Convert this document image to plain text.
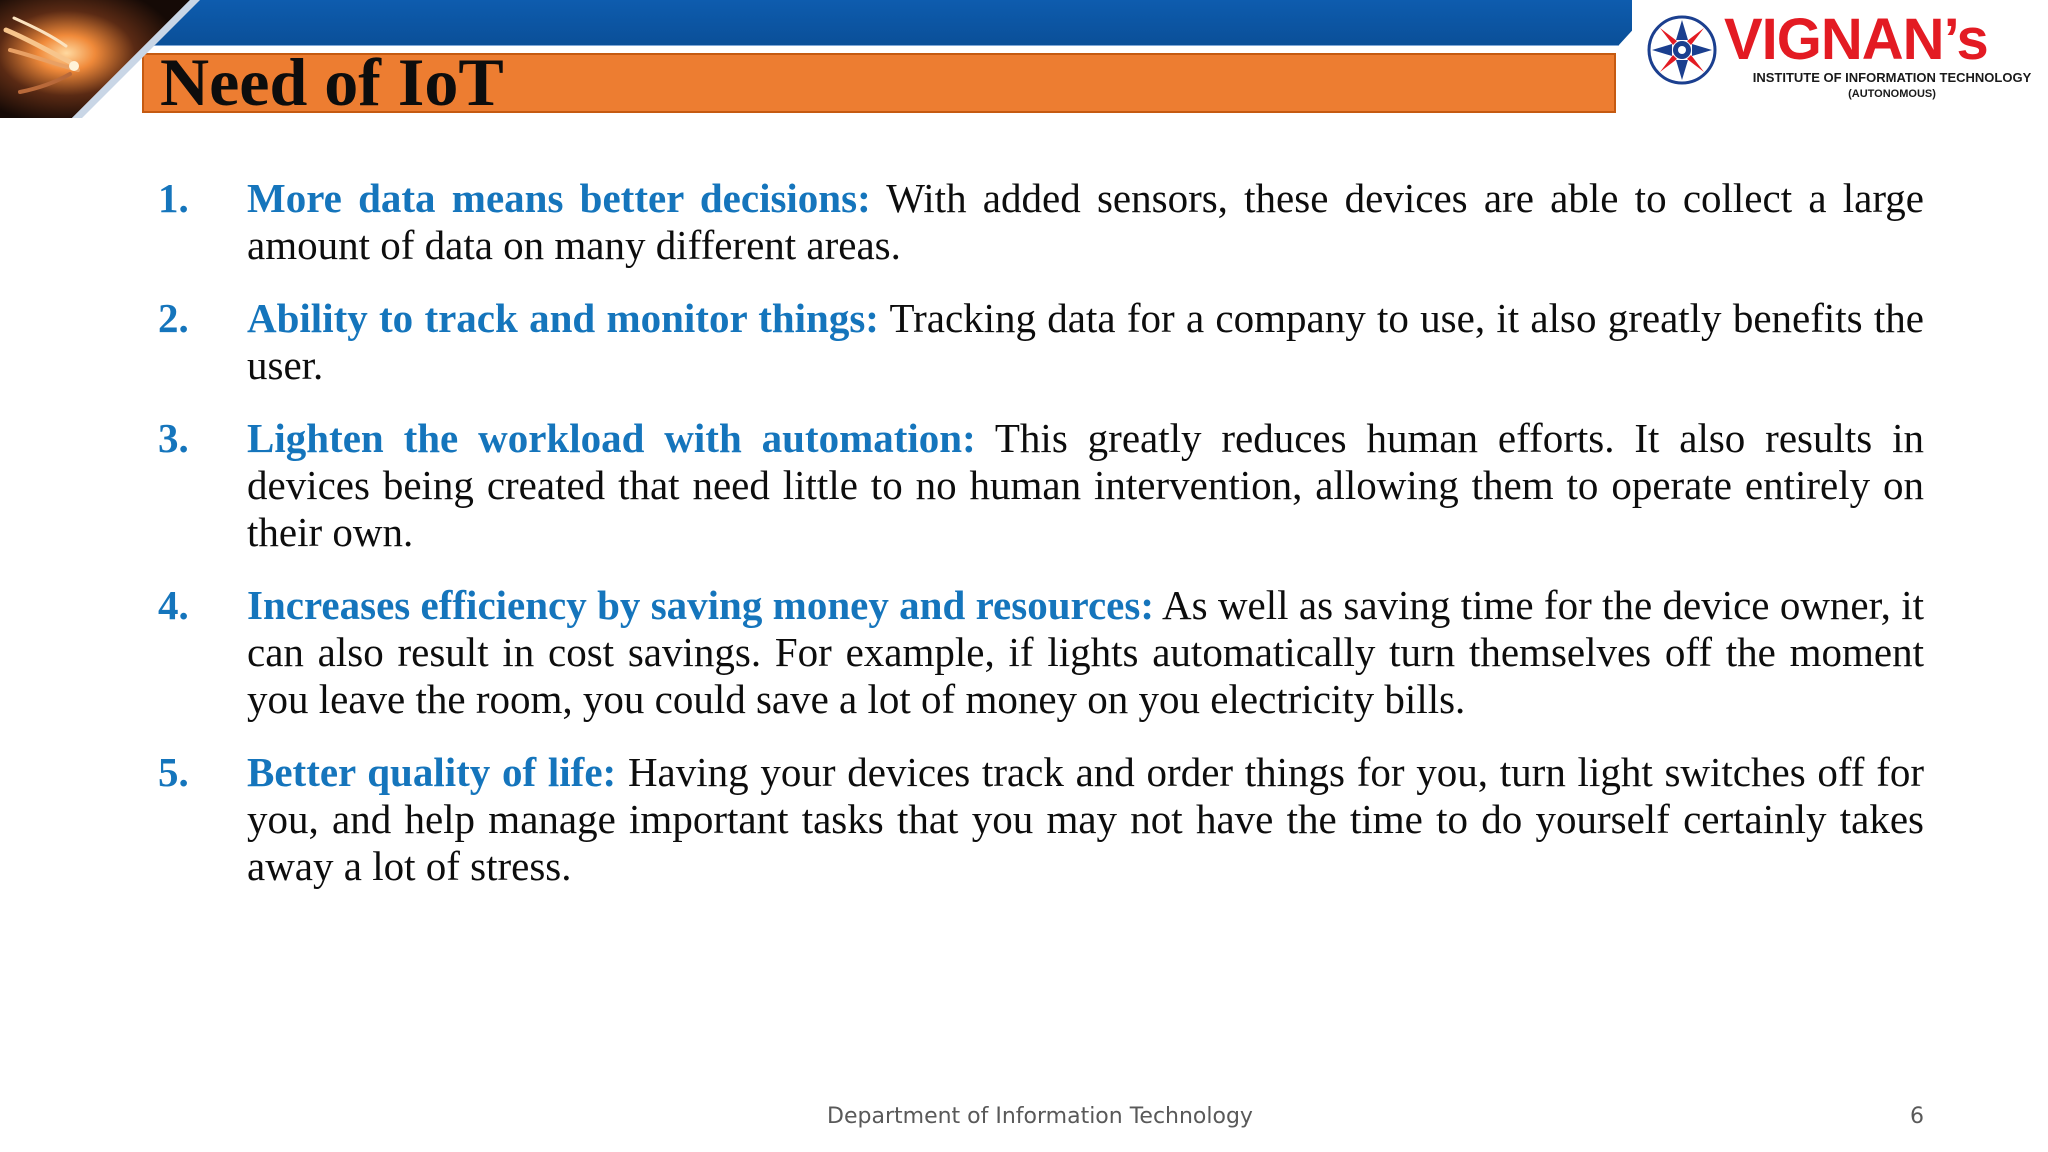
Need of IoT
VIGNAN’s
INSTITUTE OF INFORMATION TECHNOLOGY
(AUTONOMOUS)
1. More data means better decisions: With added sensors, these devices are able to collect a large amount of data on many different areas.
2. Ability to track and monitor things: Tracking data for a company to use, it also greatly benefits the user.
3. Lighten the workload with automation: This greatly reduces human efforts. It also results in devices being created that need little to no human intervention, allowing them to operate entirely on their own.
4. Increases efficiency by saving money and resources: As well as saving time for the device owner, it can also result in cost savings. For example, if lights automatically turn themselves off the moment you leave the room, you could save a lot of money on you electricity bills.
5. Better quality of life: Having your devices track and order things for you, turn light switches off for you, and help manage important tasks that you may not have the time to do yourself certainly takes away a lot of stress.
Department of Information Technology	6
